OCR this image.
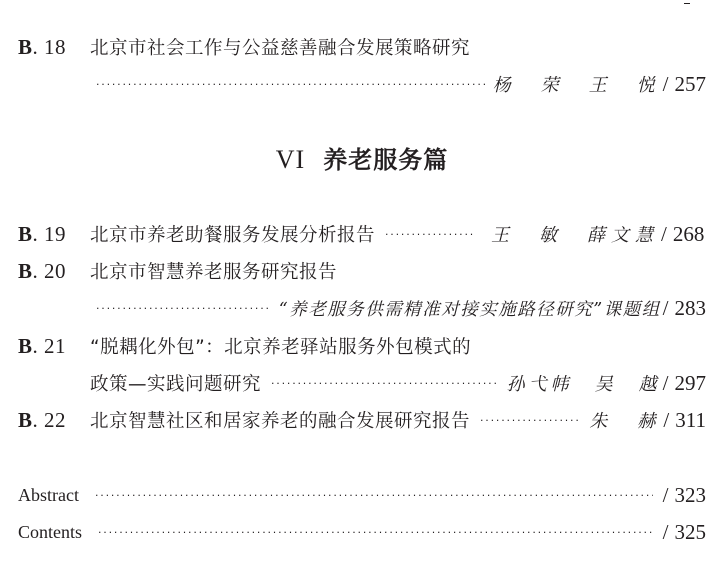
B. 18 北京市社会工作与公益慈善融合发展策略研究
·····
杨　荣　王　悦 / 257
VI 养老服务篇
B. 19 北京市养老助餐服务发展分析报告 ·····	王　敏　薛文慧 / 268
B. 20 北京市智慧养老服务研究报告
·····
“养老服务供需精准对接实施路径研究”课题组 / 283
B. 21 “脱耦化外包”：北京养老驿站服务外包模式的
政策—实践问题研究 ·····	孙弋帏　吴　越 / 297
B. 22 北京智慧社区和居家养老的融合发展研究报告 ·····	朱　赫 / 311
Abstract ·····	/ 323
Contents ·····	/ 325
